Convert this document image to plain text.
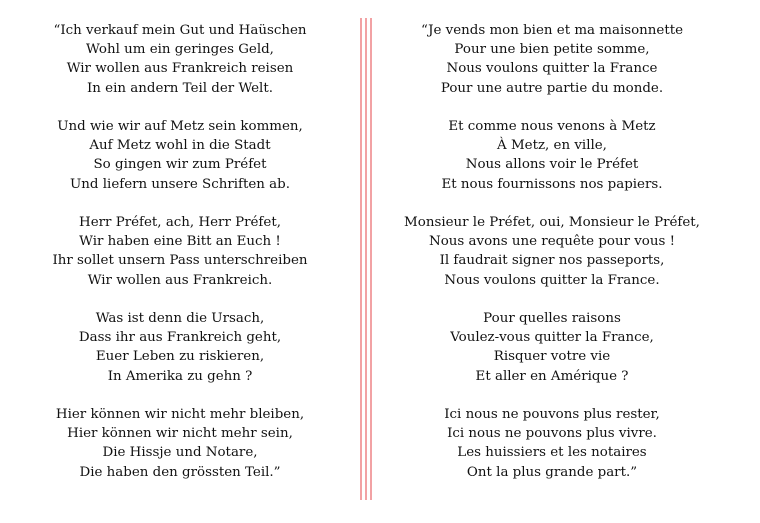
“Ich verkauf mein Gut und Haüschen
Wohl um ein geringes Geld,
Wir wollen aus Frankreich reisen
In ein andern Teil der Welt.
Und wie wir auf Metz sein kommen,
Auf Metz wohl in die Stadt
So gingen wir zum Préfet
Und liefern unsere Schriften ab.
Herr Préfet, ach, Herr Préfet,
Wir haben eine Bitt an Euch !
Ihr sollet unsern Pass unterschreiben
Wir wollen aus Frankreich.
Was ist denn die Ursach,
Dass ihr aus Frankreich geht,
Euer Leben zu riskieren,
In Amerika zu gehn ?
Hier können wir nicht mehr bleiben,
Hier können wir nicht mehr sein,
Die Hissje und Notare,
Die haben den grössten Teil.”
“Je vends mon bien et ma maisonnette
Pour une bien petite somme,
Nous voulons quitter la France
Pour une autre partie du monde.
Et comme nous venons à Metz
À Metz, en ville,
Nous allons voir le Préfet
Et nous fournissons nos papiers.
Monsieur le Préfet, oui, Monsieur le Préfet,
Nous avons une requête pour vous !
Il faudrait signer nos passeports,
Nous voulons quitter la France.
Pour quelles raisons
Voulez-vous quitter la France,
Risquer votre vie
Et aller en Amérique ?
Ici nous ne pouvons plus rester,
Ici nous ne pouvons plus vivre.
Les huissiers et les notaires
Ont la plus grande part.”
